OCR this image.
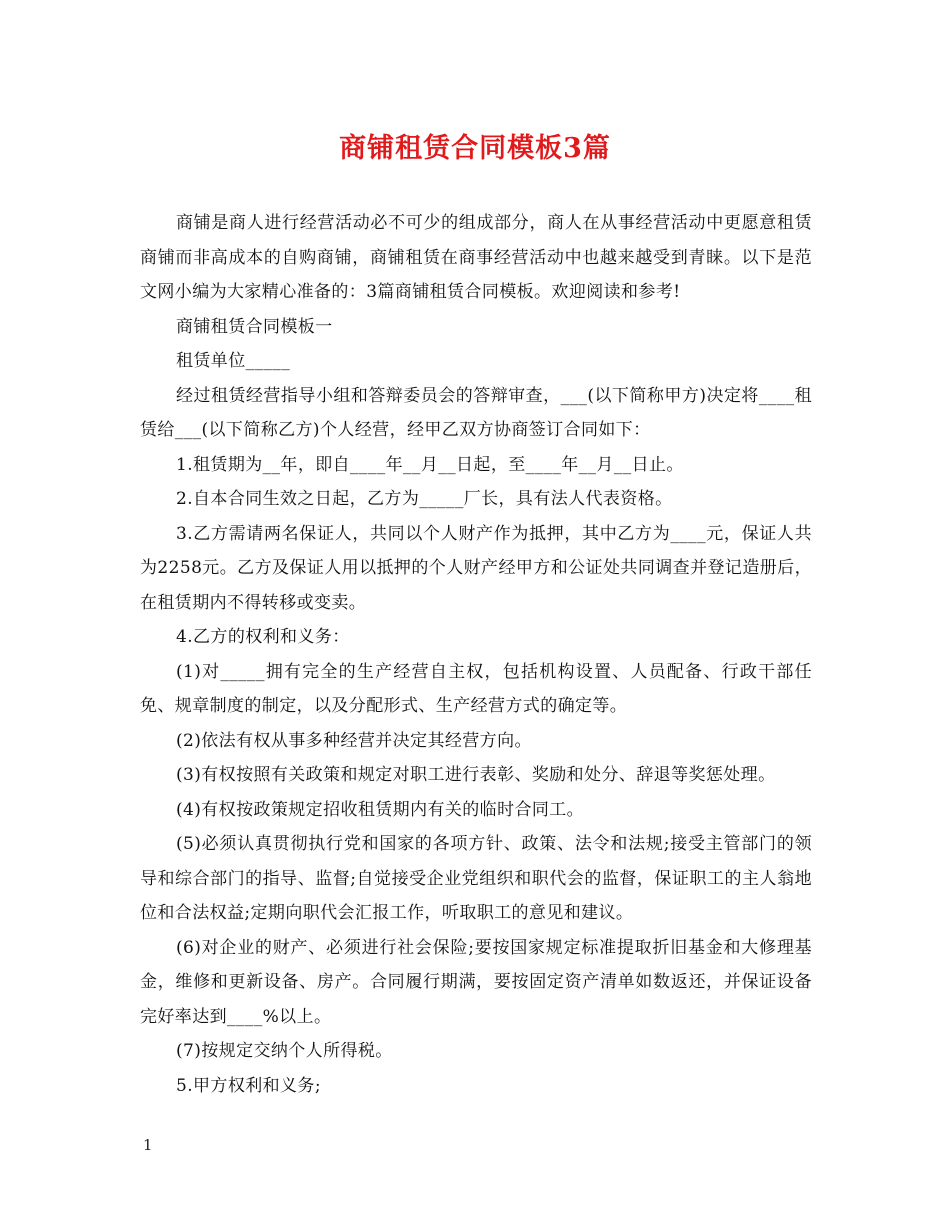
商铺租赁合同模板3篇

商铺是商人进行经营活动必不可少的组成部分，商人在从事经营活动中更愿意租赁商铺而非高成本的自购商铺，商铺租赁在商事经营活动中也越来越受到青睐。以下是范文网小编为大家精心准备的：3篇商铺租赁合同模板。欢迎阅读和参考!

商铺租赁合同模板一

租赁单位_____

经过租赁经营指导小组和答辩委员会的答辩审查，___(以下简称甲方)决定将____租赁给___(以下简称乙方)个人经营，经甲乙双方协商签订合同如下：

1.租赁期为__年，即自____年__月__日起，至____年__月__日止。

2.自本合同生效之日起，乙方为_____厂长，具有法人代表资格。

3.乙方需请两名保证人，共同以个人财产作为抵押，其中乙方为____元，保证人共为2258元。乙方及保证人用以抵押的个人财产经甲方和公证处共同调查并登记造册后，在租赁期内不得转移或变卖。

4.乙方的权利和义务：

(1)对_____拥有完全的生产经营自主权，包括机构设置、人员配备、行政干部任免、规章制度的制定，以及分配形式、生产经营方式的确定等。

(2)依法有权从事多种经营并决定其经营方向。

(3)有权按照有关政策和规定对职工进行表彰、奖励和处分、辞退等奖惩处理。

(4)有权按政策规定招收租赁期内有关的临时合同工。

(5)必须认真贯彻执行党和国家的各项方针、政策、法令和法规;接受主管部门的领导和综合部门的指导、监督;自觉接受企业党组织和职代会的监督，保证职工的主人翁地位和合法权益;定期向职代会汇报工作，听取职工的意见和建议。

(6)对企业的财产、必须进行社会保险;要按国家规定标准提取折旧基金和大修理基金，维修和更新设备、房产。合同履行期满，要按固定资产清单如数返还，并保证设备完好率达到____%以上。

(7)按规定交纳个人所得税。

5.甲方权利和义务;

1
